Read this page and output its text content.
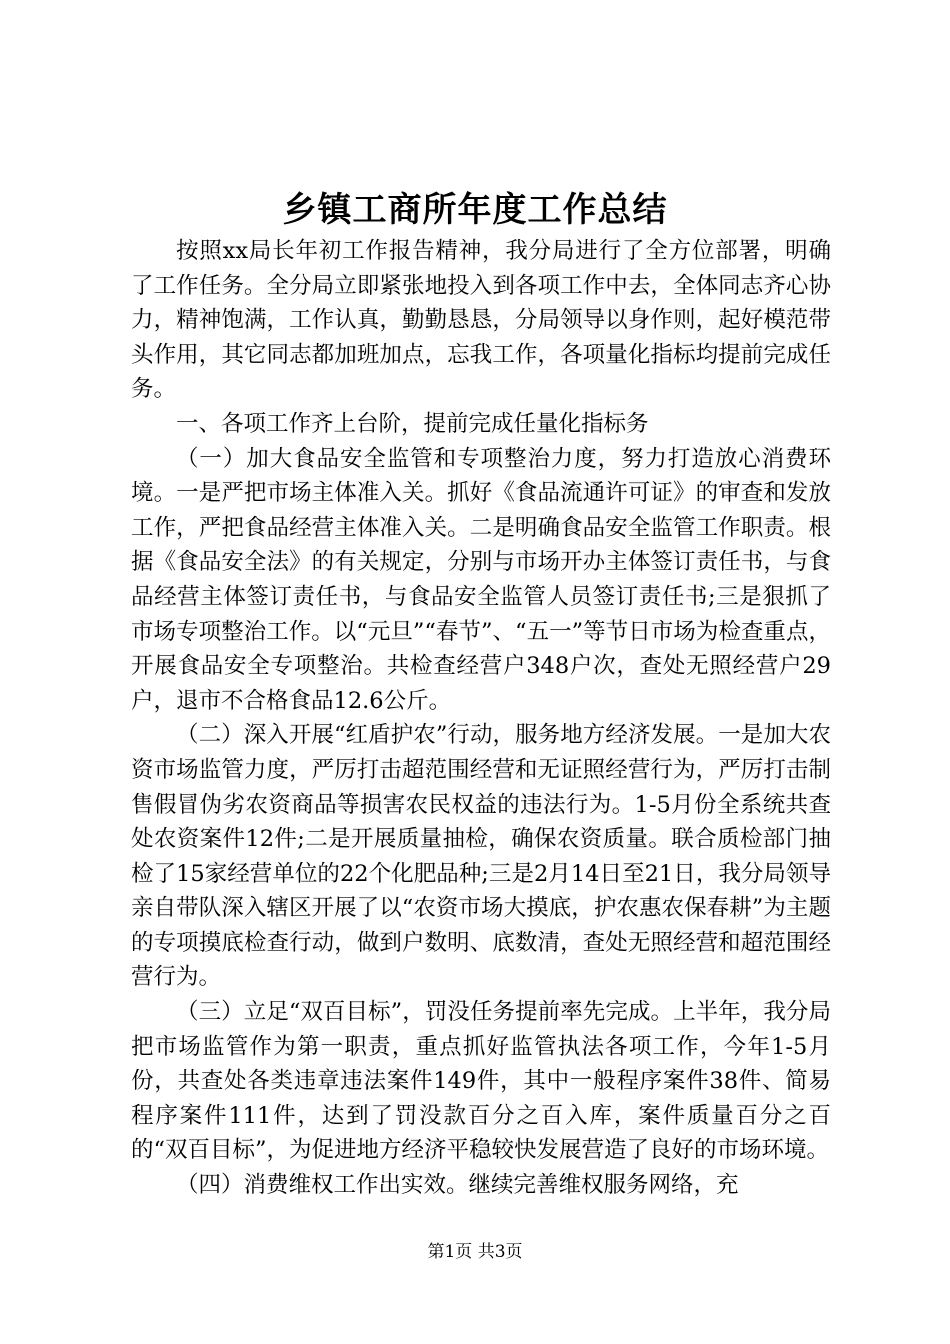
乡镇工商所年度工作总结

按照xx局长年初工作报告精神，我分局进行了全方位部署，明确了工作任务。全分局立即紧张地投入到各项工作中去，全体同志齐心协力，精神饱满，工作认真，勤勤恳恳，分局领导以身作则，起好模范带头作用，其它同志都加班加点，忘我工作，各项量化指标均提前完成任务。

一、各项工作齐上台阶，提前完成任量化指标务

（一）加大食品安全监管和专项整治力度，努力打造放心消费环境。一是严把市场主体准入关。抓好《食品流通许可证》的审查和发放工作，严把食品经营主体准入关。二是明确食品安全监管工作职责。根据《食品安全法》的有关规定，分别与市场开办主体签订责任书，与食品经营主体签订责任书，与食品安全监管人员签订责任书;三是狠抓了市场专项整治工作。以“元旦”“春节”、“五一”等节日市场为检查重点，开展食品安全专项整治。共检查经营户348户次，查处无照经营户29户，退市不合格食品12.6公斤。

（二）深入开展“红盾护农”行动，服务地方经济发展。一是加大农资市场监管力度，严厉打击超范围经营和无证照经营行为，严厉打击制售假冒伪劣农资商品等损害农民权益的违法行为。1-5月份全系统共查处农资案件12件;二是开展质量抽检，确保农资质量。联合质检部门抽检了15家经营单位的22个化肥品种;三是2月14日至21日，我分局领导亲自带队深入辖区开展了以“农资市场大摸底，护农惠农保春耕”为主题的专项摸底检查行动，做到户数明、底数清，查处无照经营和超范围经营行为。

（三）立足“双百目标”，罚没任务提前率先完成。上半年，我分局把市场监管作为第一职责，重点抓好监管执法各项工作，今年1-5月份，共查处各类违章违法案件149件，其中一般程序案件38件、简易程序案件111件，达到了罚没款百分之百入库，案件质量百分之百的“双百目标”，为促进地方经济平稳较快发展营造了良好的市场环境。

（四）消费维权工作出实效。继续完善维权服务网络，充

第1页 共3页
